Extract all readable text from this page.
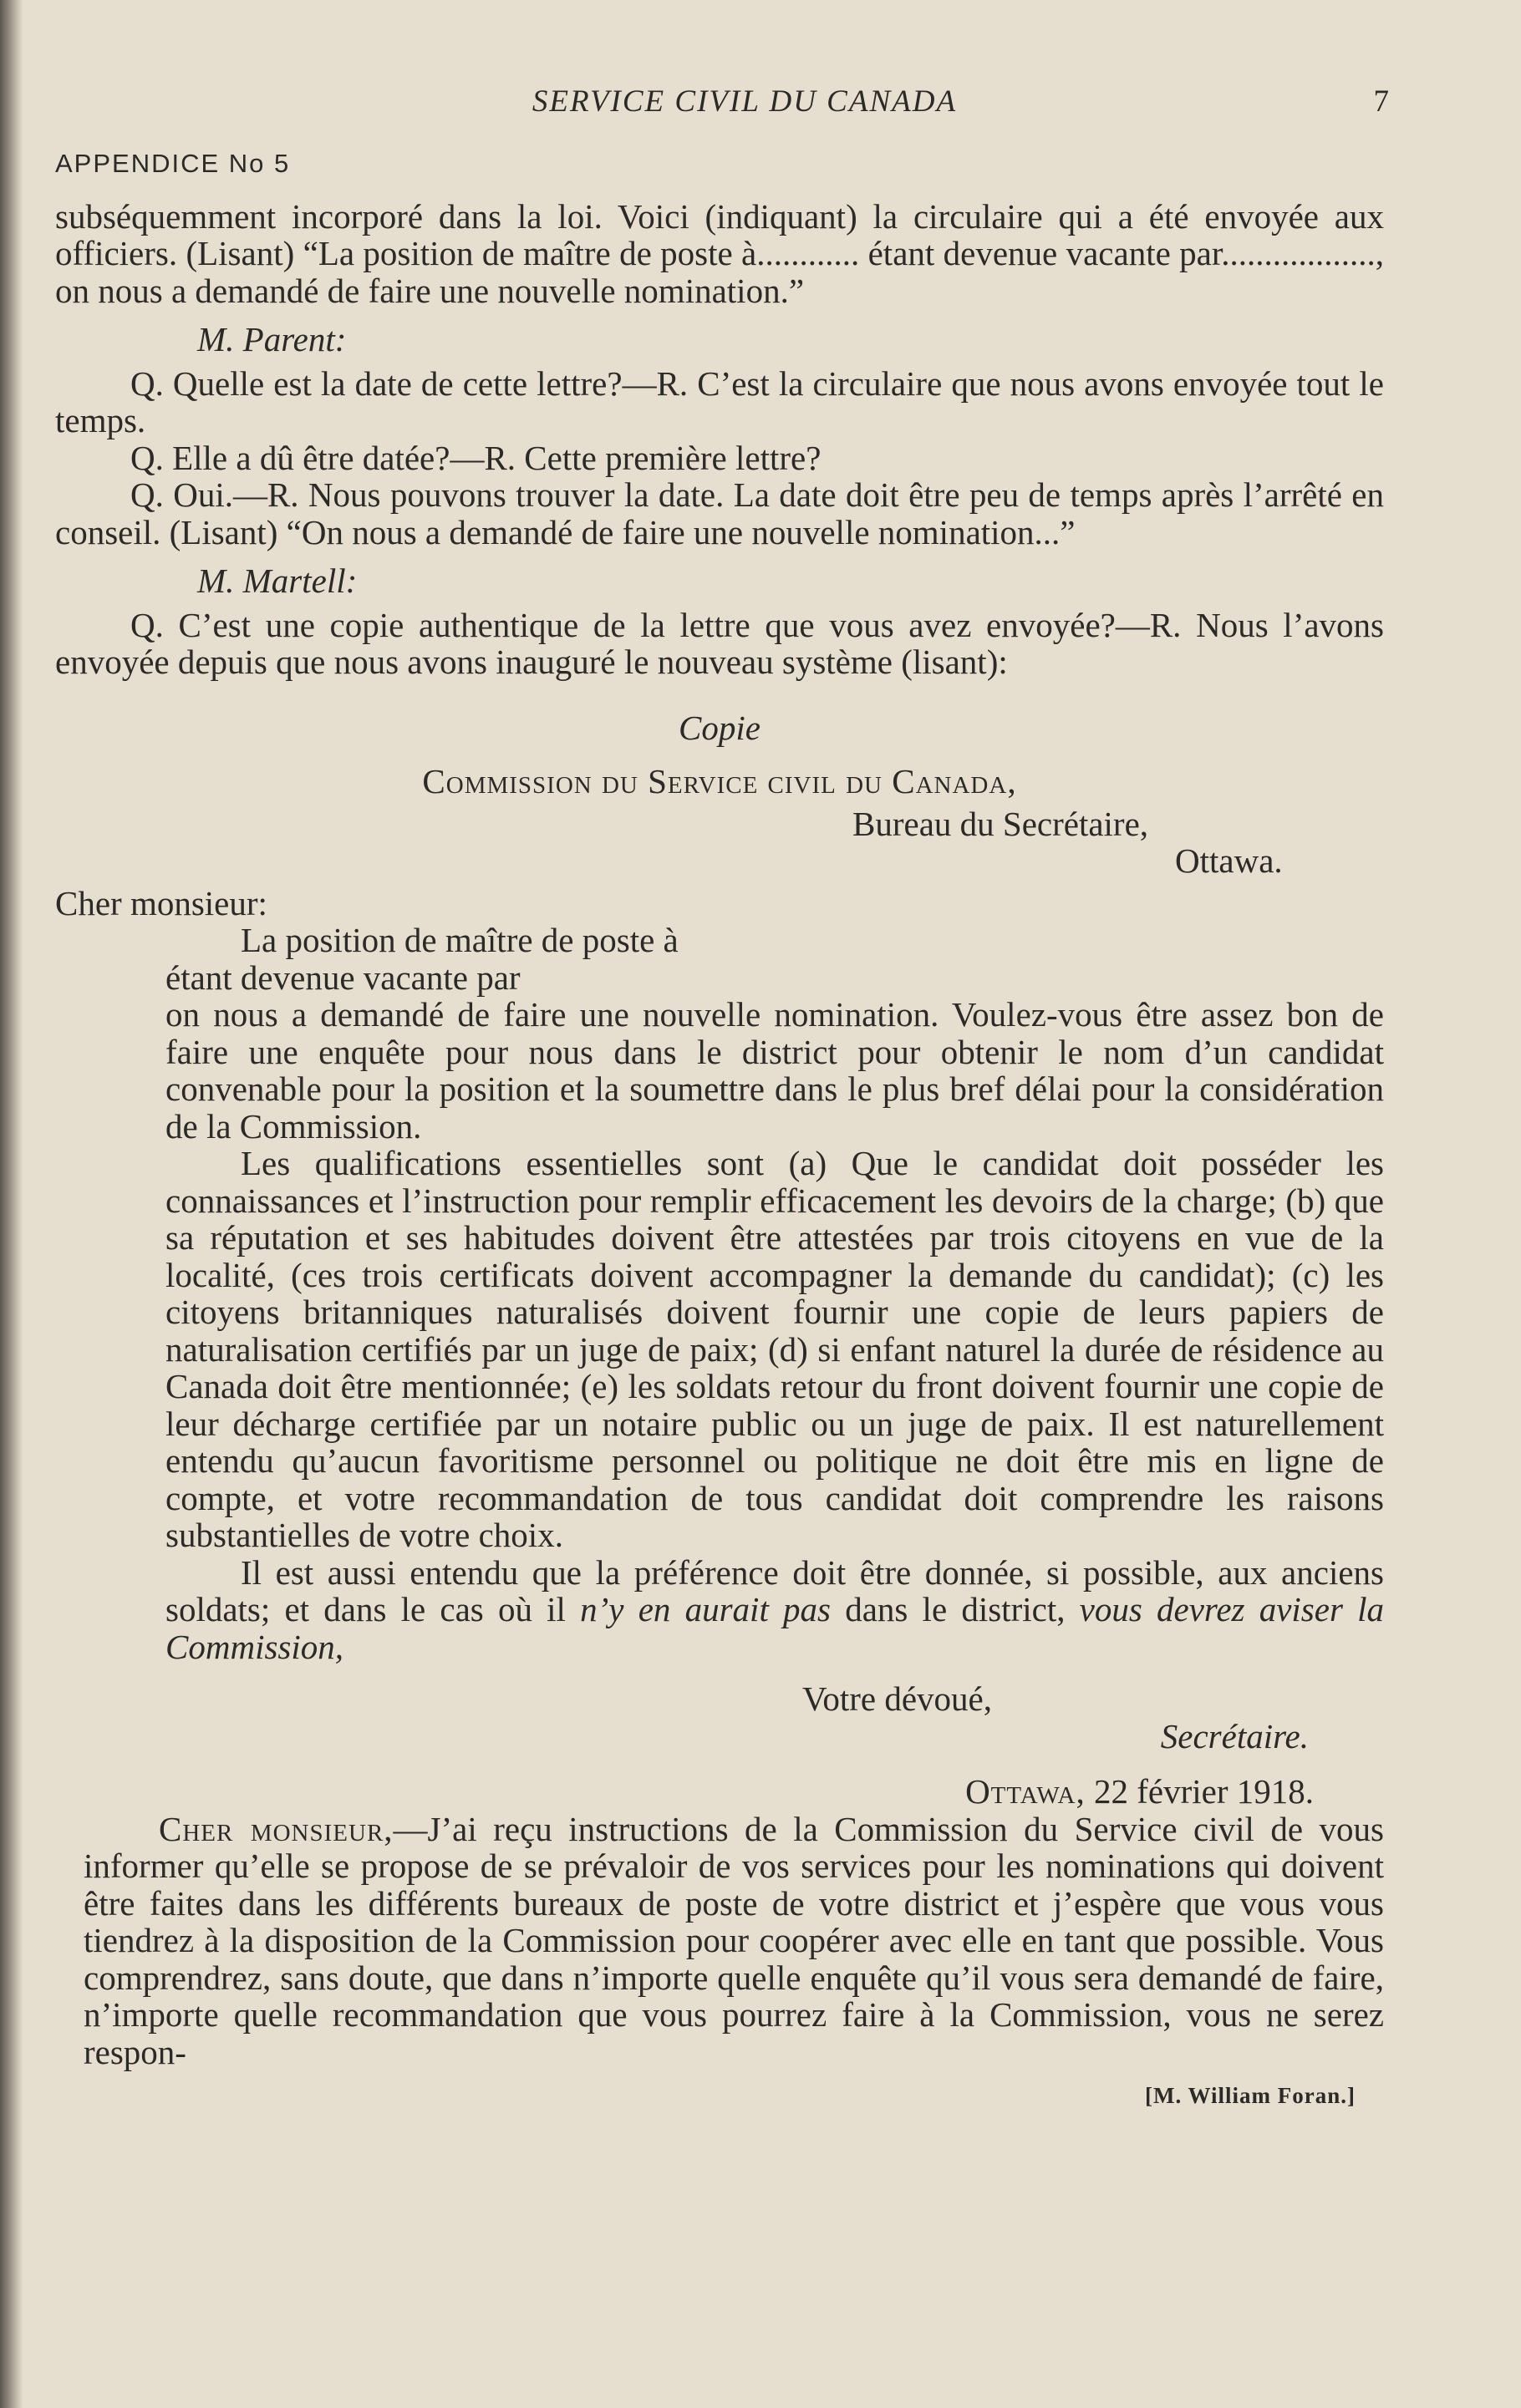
SERVICE CIVIL DU CANADA	7
APPENDICE No 5

subséquemment incorporé dans la loi. Voici (indiquant) la circulaire qui a été envoyée aux officiers. (Lisant) “La position de maître de poste à............ étant devenue vacante par.................., on nous a demandé de faire une nouvelle nomination.”

M. Parent:

Q. Quelle est la date de cette lettre?—R. C’est la circulaire que nous avons envoyée tout le temps.

Q. Elle a dû être datée?—R. Cette première lettre?

Q. Oui.—R. Nous pouvons trouver la date. La date doit être peu de temps après l’arrêté en conseil. (Lisant) “On nous a demandé de faire une nouvelle nomination...”

M. Martell:

Q. C’est une copie authentique de la lettre que vous avez envoyée?—R. Nous l’avons envoyée depuis que nous avons inauguré le nouveau système (lisant):

Copie
Commission du Service civil du Canada,
Bureau du Secrétaire,
Ottawa.
Cher monsieur:
La position de maître de poste à
étant devenue vacante par

on nous a demandé de faire une nouvelle nomination. Voulez-vous être assez bon de faire une enquête pour nous dans le district pour obtenir le nom d’un candidat convenable pour la position et la soumettre dans le plus bref délai pour la considération de la Commission.

Les qualifications essentielles sont (a) Que le candidat doit posséder les connaissances et l’instruction pour remplir efficacement les devoirs de la charge; (b) que sa réputation et ses habitudes doivent être attestées par trois citoyens en vue de la localité, (ces trois certificats doivent accompagner la demande du candidat); (c) les citoyens britanniques naturalisés doivent fournir une copie de leurs papiers de naturalisation certifiés par un juge de paix; (d) si enfant naturel la durée de résidence au Canada doit être mentionnée; (e) les soldats retour du front doivent fournir une copie de leur décharge certifiée par un notaire public ou un juge de paix. Il est naturellement entendu qu’aucun favoritisme personnel ou politique ne doit être mis en ligne de compte, et votre recommandation de tous candidat doit comprendre les raisons substantielles de votre choix.

Il est aussi entendu que la préférence doit être donnée, si possible, aux anciens soldats; et dans le cas où il n’y en aurait pas dans le district, vous devrez aviser la Commission,

Votre dévoué,
Secrétaire.
Ottawa, 22 février 1918.

Cher monsieur,—J’ai reçu instructions de la Commission du Service civil de vous informer qu’elle se propose de se prévaloir de vos services pour les nominations qui doivent être faites dans les différents bureaux de poste de votre district et j’espère que vous vous tiendrez à la disposition de la Commission pour coopérer avec elle en tant que possible. Vous comprendrez, sans doute, que dans n’importe quelle enquête qu’il vous sera demandé de faire, n’importe quelle recommandation que vous pourrez faire à la Commission, vous ne serez respon-

[M. William Foran.]
